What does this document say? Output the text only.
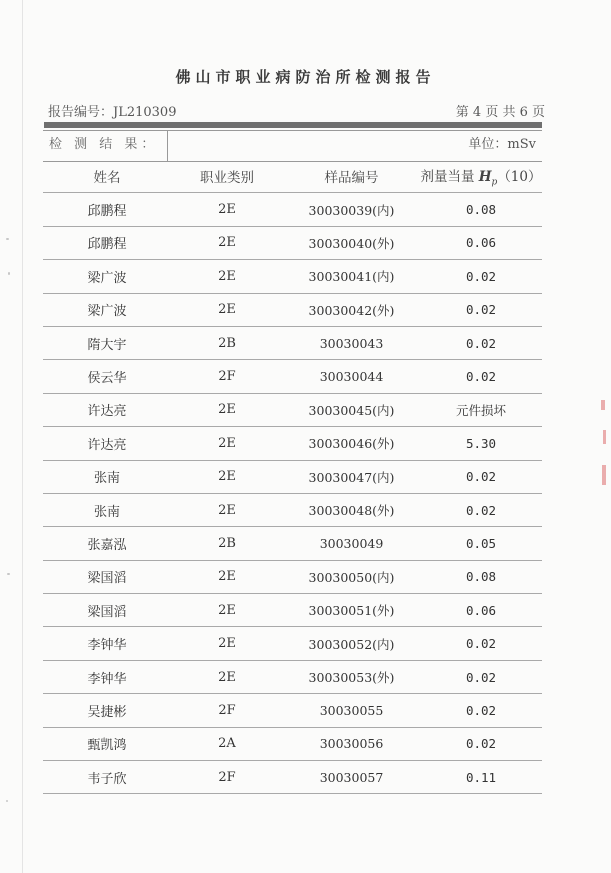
佛山市职业病防治所检测报告
报告编号：JL210309	第 4 页 共 6 页
检 测 结 果：	单位：mSv
姓名	职业类别	样品编号	剂量当量 $H_p(10)$
邱鹏程	2E	30030039(内)	0.08
邱鹏程	2E	30030040(外)	0.06
梁广波	2E	30030041(内)	0.02
梁广波	2E	30030042(外)	0.02
隋大宇	2B	30030043	0.02
侯云华	2F	30030044	0.02
许达亮	2E	30030045(内)	元件损坏
许达亮	2E	30030046(外)	5.30
张南	2E	30030047(内)	0.02
张南	2E	30030048(外)	0.02
张嘉泓	2B	30030049	0.05
梁国滔	2E	30030050(内)	0.08
梁国滔	2E	30030051(外)	0.06
李钟华	2E	30030052(内)	0.02
李钟华	2E	30030053(外)	0.02
吴捷彬	2F	30030055	0.02
甄凯鸿	2A	30030056	0.02
韦子欣	2F	30030057	0.11
